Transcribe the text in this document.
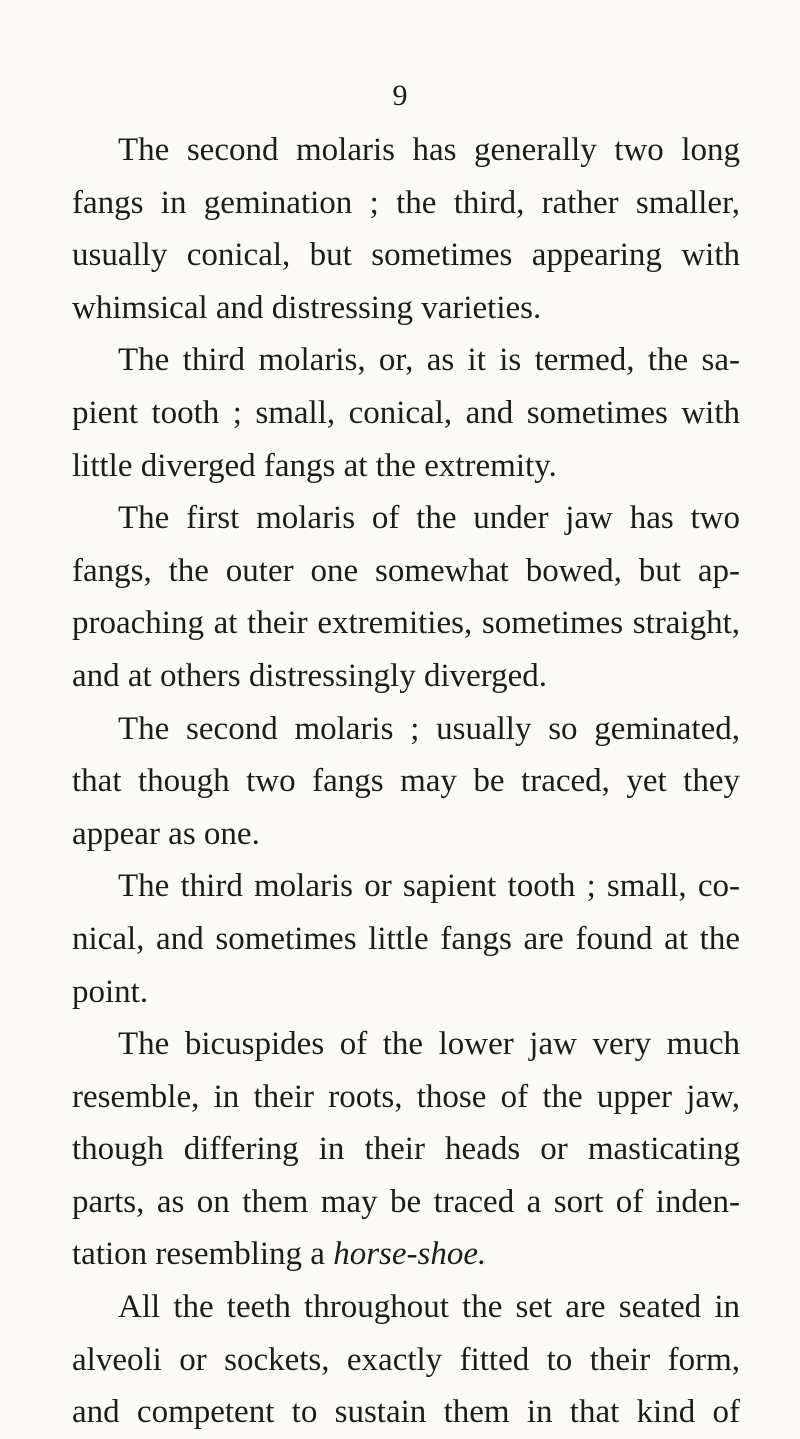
9
The second molaris has generally two long
fangs in gemination ; the third, rather smaller,
usually conical, but sometimes appearing with
whimsical and distressing varieties.
The third molaris, or, as it is termed, the sa-
pient tooth ; small, conical, and sometimes with
little diverged fangs at the extremity.
The first molaris of the under jaw has two
fangs, the outer one somewhat bowed, but ap-
proaching at their extremities, sometimes straight,
and at others distressingly diverged.
The second molaris ; usually so geminated,
that though two fangs may be traced, yet they
appear as one.
The third molaris or sapient tooth ; small, co-
nical, and sometimes little fangs are found at the
point.
The bicuspides of the lower jaw very much
resemble, in their roots, those of the upper jaw,
though differing in their heads or masticating
parts, as on them may be traced a sort of inden-
tation resembling a horse-shoe.
All the teeth throughout the set are seated in
alveoli or sockets, exactly fitted to their form,
and competent to sustain them in that kind of
